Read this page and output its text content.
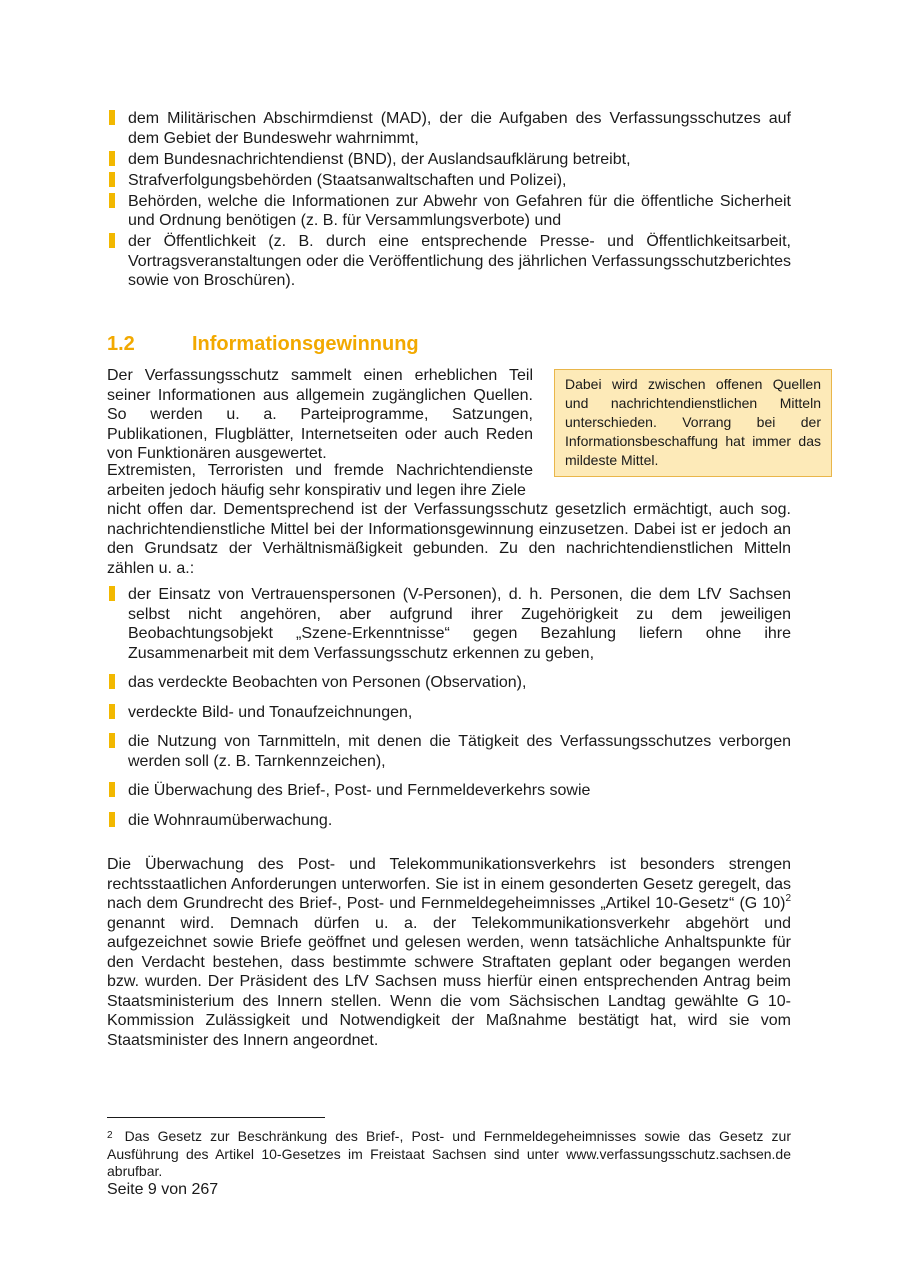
dem Militärischen Abschirmdienst (MAD), der die Aufgaben des Verfassungsschutzes auf dem Gebiet der Bundeswehr wahrnimmt,
dem Bundesnachrichtendienst (BND), der Auslandsaufklärung betreibt,
Strafverfolgungsbehörden (Staatsanwaltschaften und Polizei),
Behörden, welche die Informationen zur Abwehr von Gefahren für die öffentliche Sicherheit und Ordnung benötigen (z. B. für Versammlungsverbote) und
der Öffentlichkeit (z. B. durch eine entsprechende Presse- und Öffentlichkeitsarbeit, Vortragsveranstaltungen oder die Veröffentlichung des jährlichen Verfassungsschutzberichtes sowie von Broschüren).
1.2	Informationsgewinnung
Dabei wird zwischen offenen Quellen und nachrichtendienstlichen Mitteln unterschieden. Vorrang bei der Informationsbeschaffung hat immer das mildeste Mittel.
Der Verfassungsschutz sammelt einen erheblichen Teil seiner Informationen aus allgemein zugänglichen Quellen. So werden u. a. Parteiprogramme, Satzungen, Publikationen, Flugblätter, Internetseiten oder auch Reden von Funktionären ausgewertet.
Extremisten, Terroristen und fremde Nachrichtendienste arbeiten jedoch häufig sehr konspirativ und legen ihre Ziele
nicht offen dar. Dementsprechend ist der Verfassungsschutz gesetzlich ermächtigt, auch sog. nachrichtendienstliche Mittel bei der Informationsgewinnung einzusetzen. Dabei ist er jedoch an den Grundsatz der Verhältnismäßigkeit gebunden. Zu den nachrichtendienstlichen Mitteln zählen u. a.:
der Einsatz von Vertrauenspersonen (V-Personen), d. h. Personen, die dem LfV Sachsen selbst nicht angehören, aber aufgrund ihrer Zugehörigkeit zu dem jeweiligen Beobachtungsobjekt „Szene-Erkenntnisse“ gegen Bezahlung liefern ohne ihre Zusammenarbeit mit dem Verfassungsschutz erkennen zu geben,
das verdeckte Beobachten von Personen (Observation),
verdeckte Bild- und Tonaufzeichnungen,
die Nutzung von Tarnmitteln, mit denen die Tätigkeit des Verfassungsschutzes verborgen werden soll (z. B. Tarnkennzeichen),
die Überwachung des Brief-, Post- und Fernmeldeverkehrs sowie
die Wohnraumüberwachung.
Die Überwachung des Post- und Telekommunikationsverkehrs ist besonders strengen rechtsstaatlichen Anforderungen unterworfen. Sie ist in einem gesonderten Gesetz geregelt, das nach dem Grundrecht des Brief-, Post- und Fernmeldegeheimnisses „Artikel 10-Gesetz“ (G 10)$^2$ genannt wird. Demnach dürfen u. a. der Telekommunikationsverkehr abgehört und aufgezeichnet sowie Briefe geöffnet und gelesen werden, wenn tatsächliche Anhaltspunkte für den Verdacht bestehen, dass bestimmte schwere Straftaten geplant oder begangen werden bzw. wurden. Der Präsident des LfV Sachsen muss hierfür einen entsprechenden Antrag beim Staatsministerium des Innern stellen. Wenn die vom Sächsischen Landtag gewählte G 10-Kommission Zulässigkeit und Notwendigkeit der Maßnahme bestätigt hat, wird sie vom Staatsminister des Innern angeordnet.
$^2$ Das Gesetz zur Beschränkung des Brief-, Post- und Fernmeldegeheimnisses sowie das Gesetz zur Ausführung des Artikel 10-Gesetzes im Freistaat Sachsen sind unter www.verfassungsschutz.sachsen.de abrufbar.
Seite 9 von 267
